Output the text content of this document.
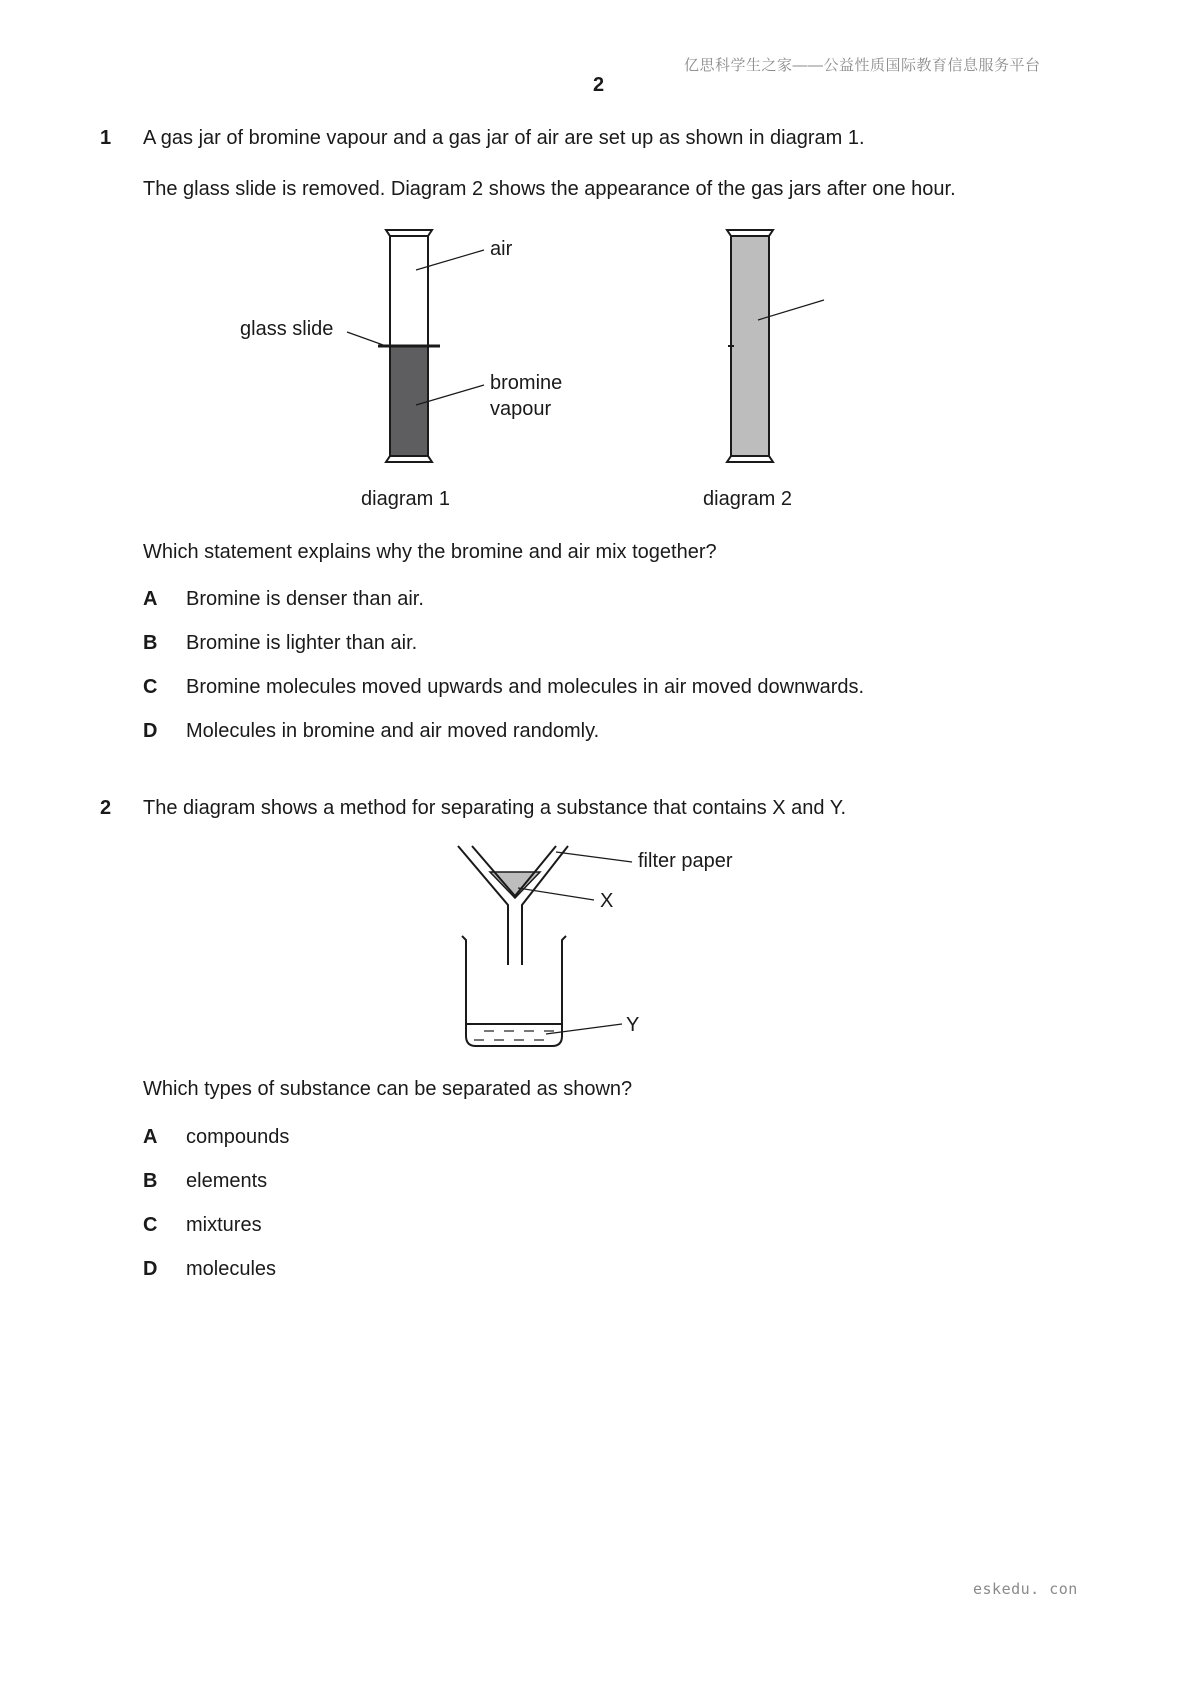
亿思科学生之家——公益性质国际教育信息服务平台
2
1 A gas jar of bromine vapour and a gas jar of air are set up as shown in diagram 1.
The glass slide is removed. Diagram 2 shows the appearance of the gas jars after one hour.
air
glass slide
bromine
vapour
diagram 1	diagram 2
Which statement explains why the bromine and air mix together?
A Bromine is denser than air.
B Bromine is lighter than air.
C Bromine molecules moved upwards and molecules in air moved downwards.
D Molecules in bromine and air moved randomly.
2 The diagram shows a method for separating a substance that contains X and Y.
filter paper
X
Y
Which types of substance can be separated as shown?
A compounds
B elements
C mixtures
D molecules
eskedu. con
